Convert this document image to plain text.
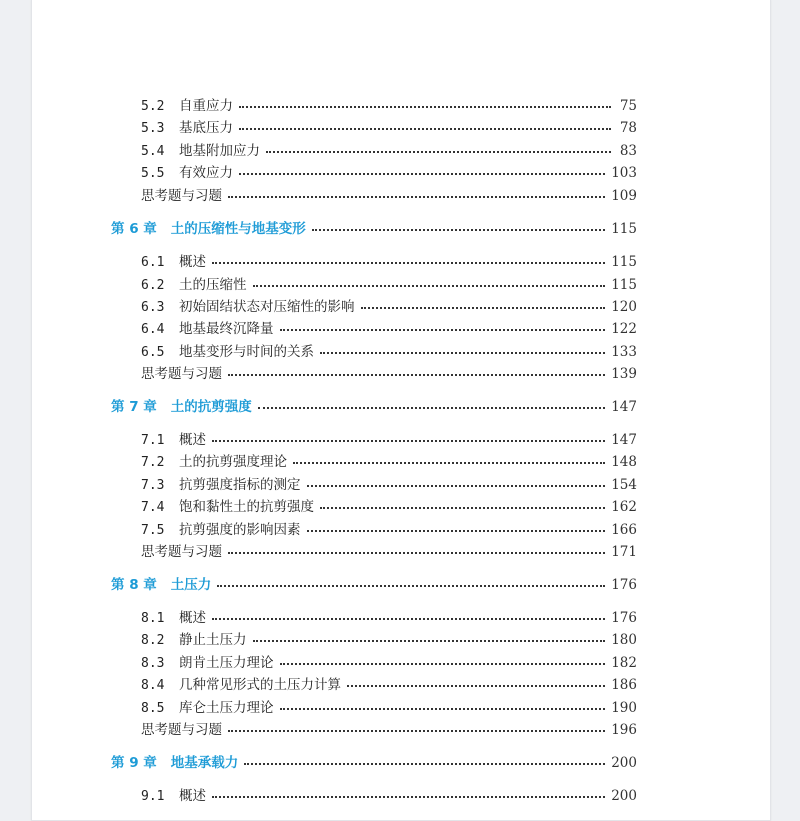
5.2	自重应力	75
5.3	基底压力	78
5.4	地基附加应力	83
5.5	有效应力	103
思考题与习题	109
第 6 章 土的压缩性与地基变形	115
6.1	概述	115
6.2	土的压缩性	115
6.3	初始固结状态对压缩性的影响	120
6.4	地基最终沉降量	122
6.5	地基变形与时间的关系	133
思考题与习题	139
第 7 章 土的抗剪强度	147
7.1	概述	147
7.2	土的抗剪强度理论	148
7.3	抗剪强度指标的测定	154
7.4	饱和黏性土的抗剪强度	162
7.5	抗剪强度的影响因素	166
思考题与习题	171
第 8 章 土压力	176
8.1	概述	176
8.2	静止土压力	180
8.3	朗肯土压力理论	182
8.4	几种常见形式的土压力计算	186
8.5	库仑土压力理论	190
思考题与习题	196
第 9 章 地基承载力	200
9.1	概述	200
